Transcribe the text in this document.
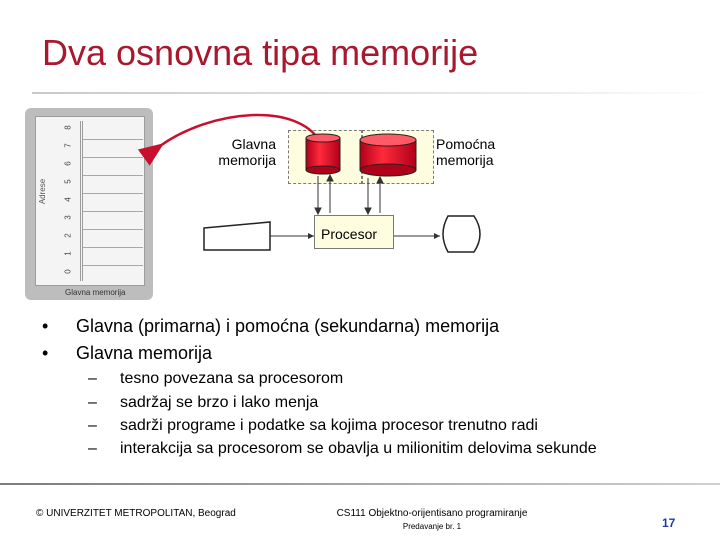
Dva osnovna tipa memorije
Adrese
0
1
2
3
4
5
6
7
8
Glavna memorija
Glavna
memorija
Pomoćna
memorija
Procesor
• Glavna (primarna) i pomoćna (sekundarna) memorija
• Glavna memorija
– tesno povezana sa procesorom
– sadržaj se brzo i lako menja
– sadrži programe i podatke sa kojima procesor trenutno radi
– interakcija sa procesorom se obavlja u milionitim delovima sekunde
© UNIVERZITET METROPOLITAN, Beograd	CS111 Objektno-orijentisano programiranje
Predavanje br. 1	17
